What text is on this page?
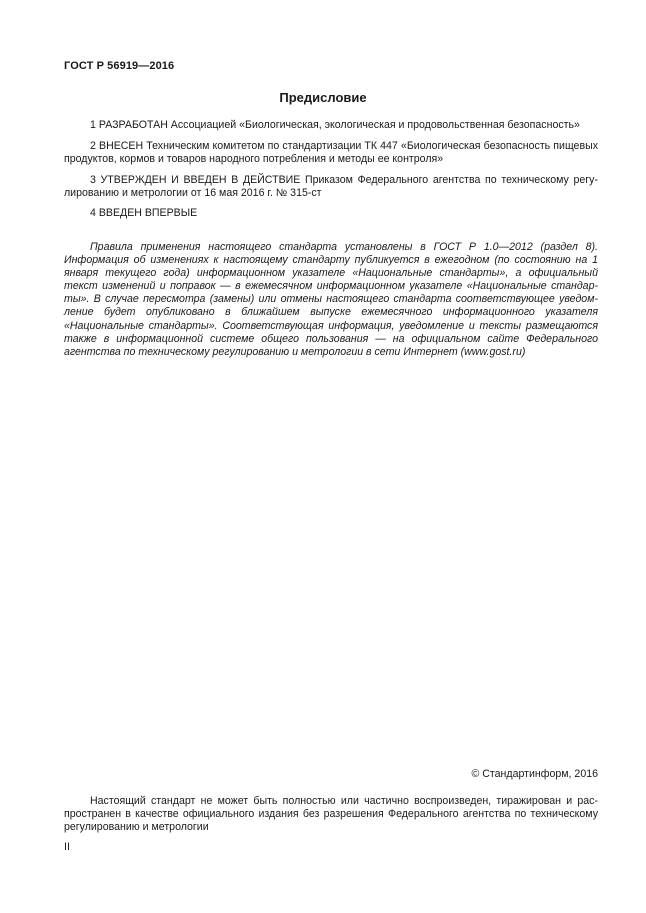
ГОСТ Р 56919—2016
Предисловие
1 РАЗРАБОТАН Ассоциацией «Биологическая, экологическая и продовольственная безопасность»
2 ВНЕСЕН Техническим комитетом по стандартизации ТК 447 «Биологическая безопасность пищевых продуктов, кормов и товаров народного потребления и методы ее контроля»
3 УТВЕРЖДЕН И ВВЕДЕН В ДЕЙСТВИЕ Приказом Федерального агентства по техническому регулированию и метрологии от 16 мая 2016 г. № 315-ст
4 ВВЕДЕН ВПЕРВЫЕ
Правила применения настоящего стандарта установлены в ГОСТ Р 1.0—2012 (раздел 8). Информация об изменениях к настоящему стандарту публикуется в ежегодном (по состоянию на 1 января текущего года) информационном указателе «Национальные стандарты», а официальный текст изменений и поправок — в ежемесячном информационном указателе «Национальные стандарты». В случае пересмотра (замены) или отмены настоящего стандарта соответствующее уведомление будет опубликовано в ближайшем выпуске ежемесячного информационного указателя «Национальные стандарты». Соответствующая информация, уведомление и тексты размещаются также в информационной системе общего пользования — на официальном сайте Федерального агентства по техническому регулированию и метрологии в сети Интернет (www.gost.ru)
© Стандартинформ, 2016
Настоящий стандарт не может быть полностью или частично воспроизведен, тиражирован и распространен в качестве официального издания без разрешения Федерального агентства по техническому регулированию и метрологии
II
